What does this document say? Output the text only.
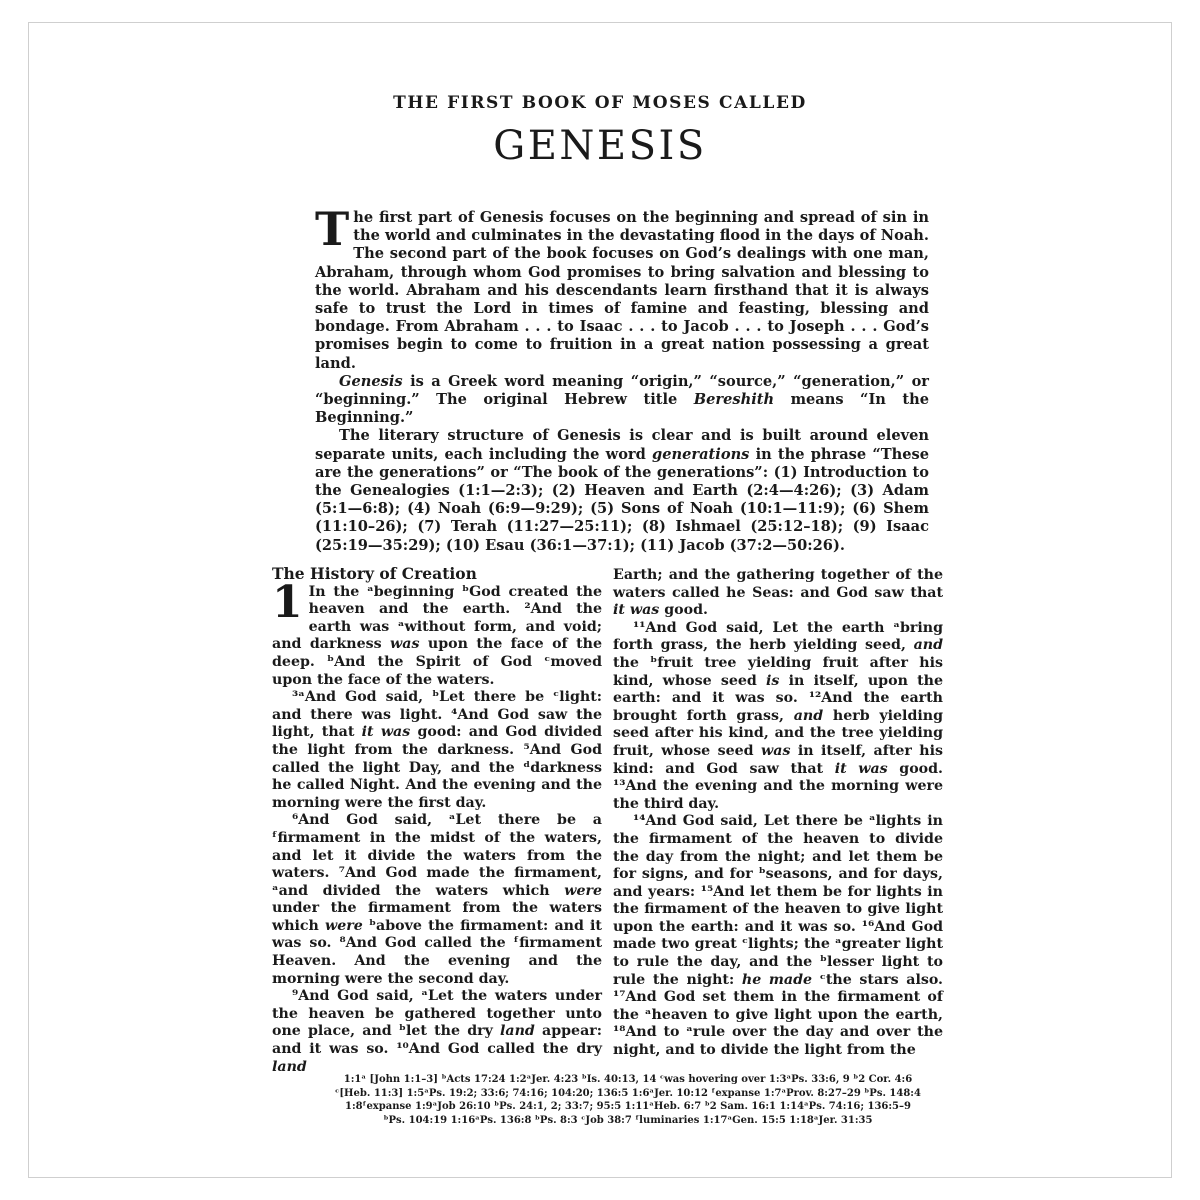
THE FIRST BOOK OF MOSES CALLED
GENESIS

The first part of Genesis focuses on the beginning and spread of sin in the world and culminates in the devastating flood in the days of Noah. The second part of the book focuses on God’s dealings with one man, Abraham, through whom God promises to bring salvation and blessing to the world. Abraham and his descendants learn firsthand that it is always safe to trust the Lord in times of famine and feasting, blessing and bondage. From Abraham . . . to Isaac . . . to Jacob . . . to Joseph . . . God’s promises begin to come to fruition in a great nation possessing a great land.

Genesis is a Greek word meaning “origin,” “source,” “generation,” or “beginning.” The original Hebrew title Bereshith means “In the Beginning.”

The literary structure of Genesis is clear and is built around eleven separate units, each including the word generations in the phrase “These are the generations” or “The book of the generations”: (1) Introduction to the Genealogies (1:1—2:3); (2) Heaven and Earth (2:4—4:26); (3) Adam (5:1—6:8); (4) Noah (6:9—9:29); (5) Sons of Noah (10:1—11:9); (6) Shem (11:10–26); (7) Terah (11:27—25:11); (8) Ishmael (25:12–18); (9) Isaac (25:19—35:29); (10) Esau (36:1—37:1); (11) Jacob (37:2—50:26).

The History of Creation

1 In the ᵃbeginning ᵇGod created the heaven and the earth. ²And the earth was ᵃwithout form, and void; and darkness was upon the face of the deep. ᵇAnd the Spirit of God ᶜmoved upon the face of the waters.

³ᵃAnd God said, ᵇLet there be ᶜlight: and there was light. ⁴And God saw the light, that it was good: and God divided the light from the darkness. ⁵And God called the light Day, and the ᵈdarkness he called Night. And the evening and the morning were the first day.

⁶And God said, ᵃLet there be a ᶠfirmament in the midst of the waters, and let it divide the waters from the waters. ⁷And God made the firmament, ᵃand divided the waters which were under the firmament from the waters which were ᵇabove the firmament: and it was so. ⁸And God called the ᶠfirmament Heaven. And the evening and the morning were the second day.

⁹And God said, ᵃLet the waters under the heaven be gathered together unto one place, and ᵇlet the dry land appear: and it was so. ¹⁰And God called the dry land

Earth; and the gathering together of the waters called he Seas: and God saw that it was good.

¹¹And God said, Let the earth ᵃbring forth grass, the herb yielding seed, and the ᵇfruit tree yielding fruit after his kind, whose seed is in itself, upon the earth: and it was so. ¹²And the earth brought forth grass, and herb yielding seed after his kind, and the tree yielding fruit, whose seed was in itself, after his kind: and God saw that it was good. ¹³And the evening and the morning were the third day.

¹⁴And God said, Let there be ᵃlights in the firmament of the heaven to divide the day from the night; and let them be for signs, and for ᵇseasons, and for days, and years: ¹⁵And let them be for lights in the firmament of the heaven to give light upon the earth: and it was so. ¹⁶And God made two great ᶜlights; the ᵃgreater light to rule the day, and the ᵇlesser light to rule the night: he made ᶜthe stars also. ¹⁷And God set them in the firmament of the ᵃheaven to give light upon the earth, ¹⁸And to ᵃrule over the day and over the night, and to divide the light from the

1:1ᵃ [John 1:1–3] ᵇActs 17:24 1:2ᵃJer. 4:23 ᵇIs. 40:13, 14 ᶜwas hovering over 1:3ᵃPs. 33:6, 9 ᵇ2 Cor. 4:6
ᶜ[Heb. 11:3] 1:5ᵃPs. 19:2; 33:6; 74:16; 104:20; 136:5 1:6ᵃJer. 10:12 ᶠexpanse 1:7ᵃProv. 8:27–29 ᵇPs. 148:4
1:8ᶠexpanse 1:9ᵃJob 26:10 ᵇPs. 24:1, 2; 33:7; 95:5 1:11ᵃHeb. 6:7 ᵇ2 Sam. 16:1 1:14ᵃPs. 74:16; 136:5–9
ᵇPs. 104:19 1:16ᵃPs. 136:8 ᵇPs. 8:3 ᶜJob 38:7 ᶠluminaries 1:17ᵃGen. 15:5 1:18ᵃJer. 31:35
